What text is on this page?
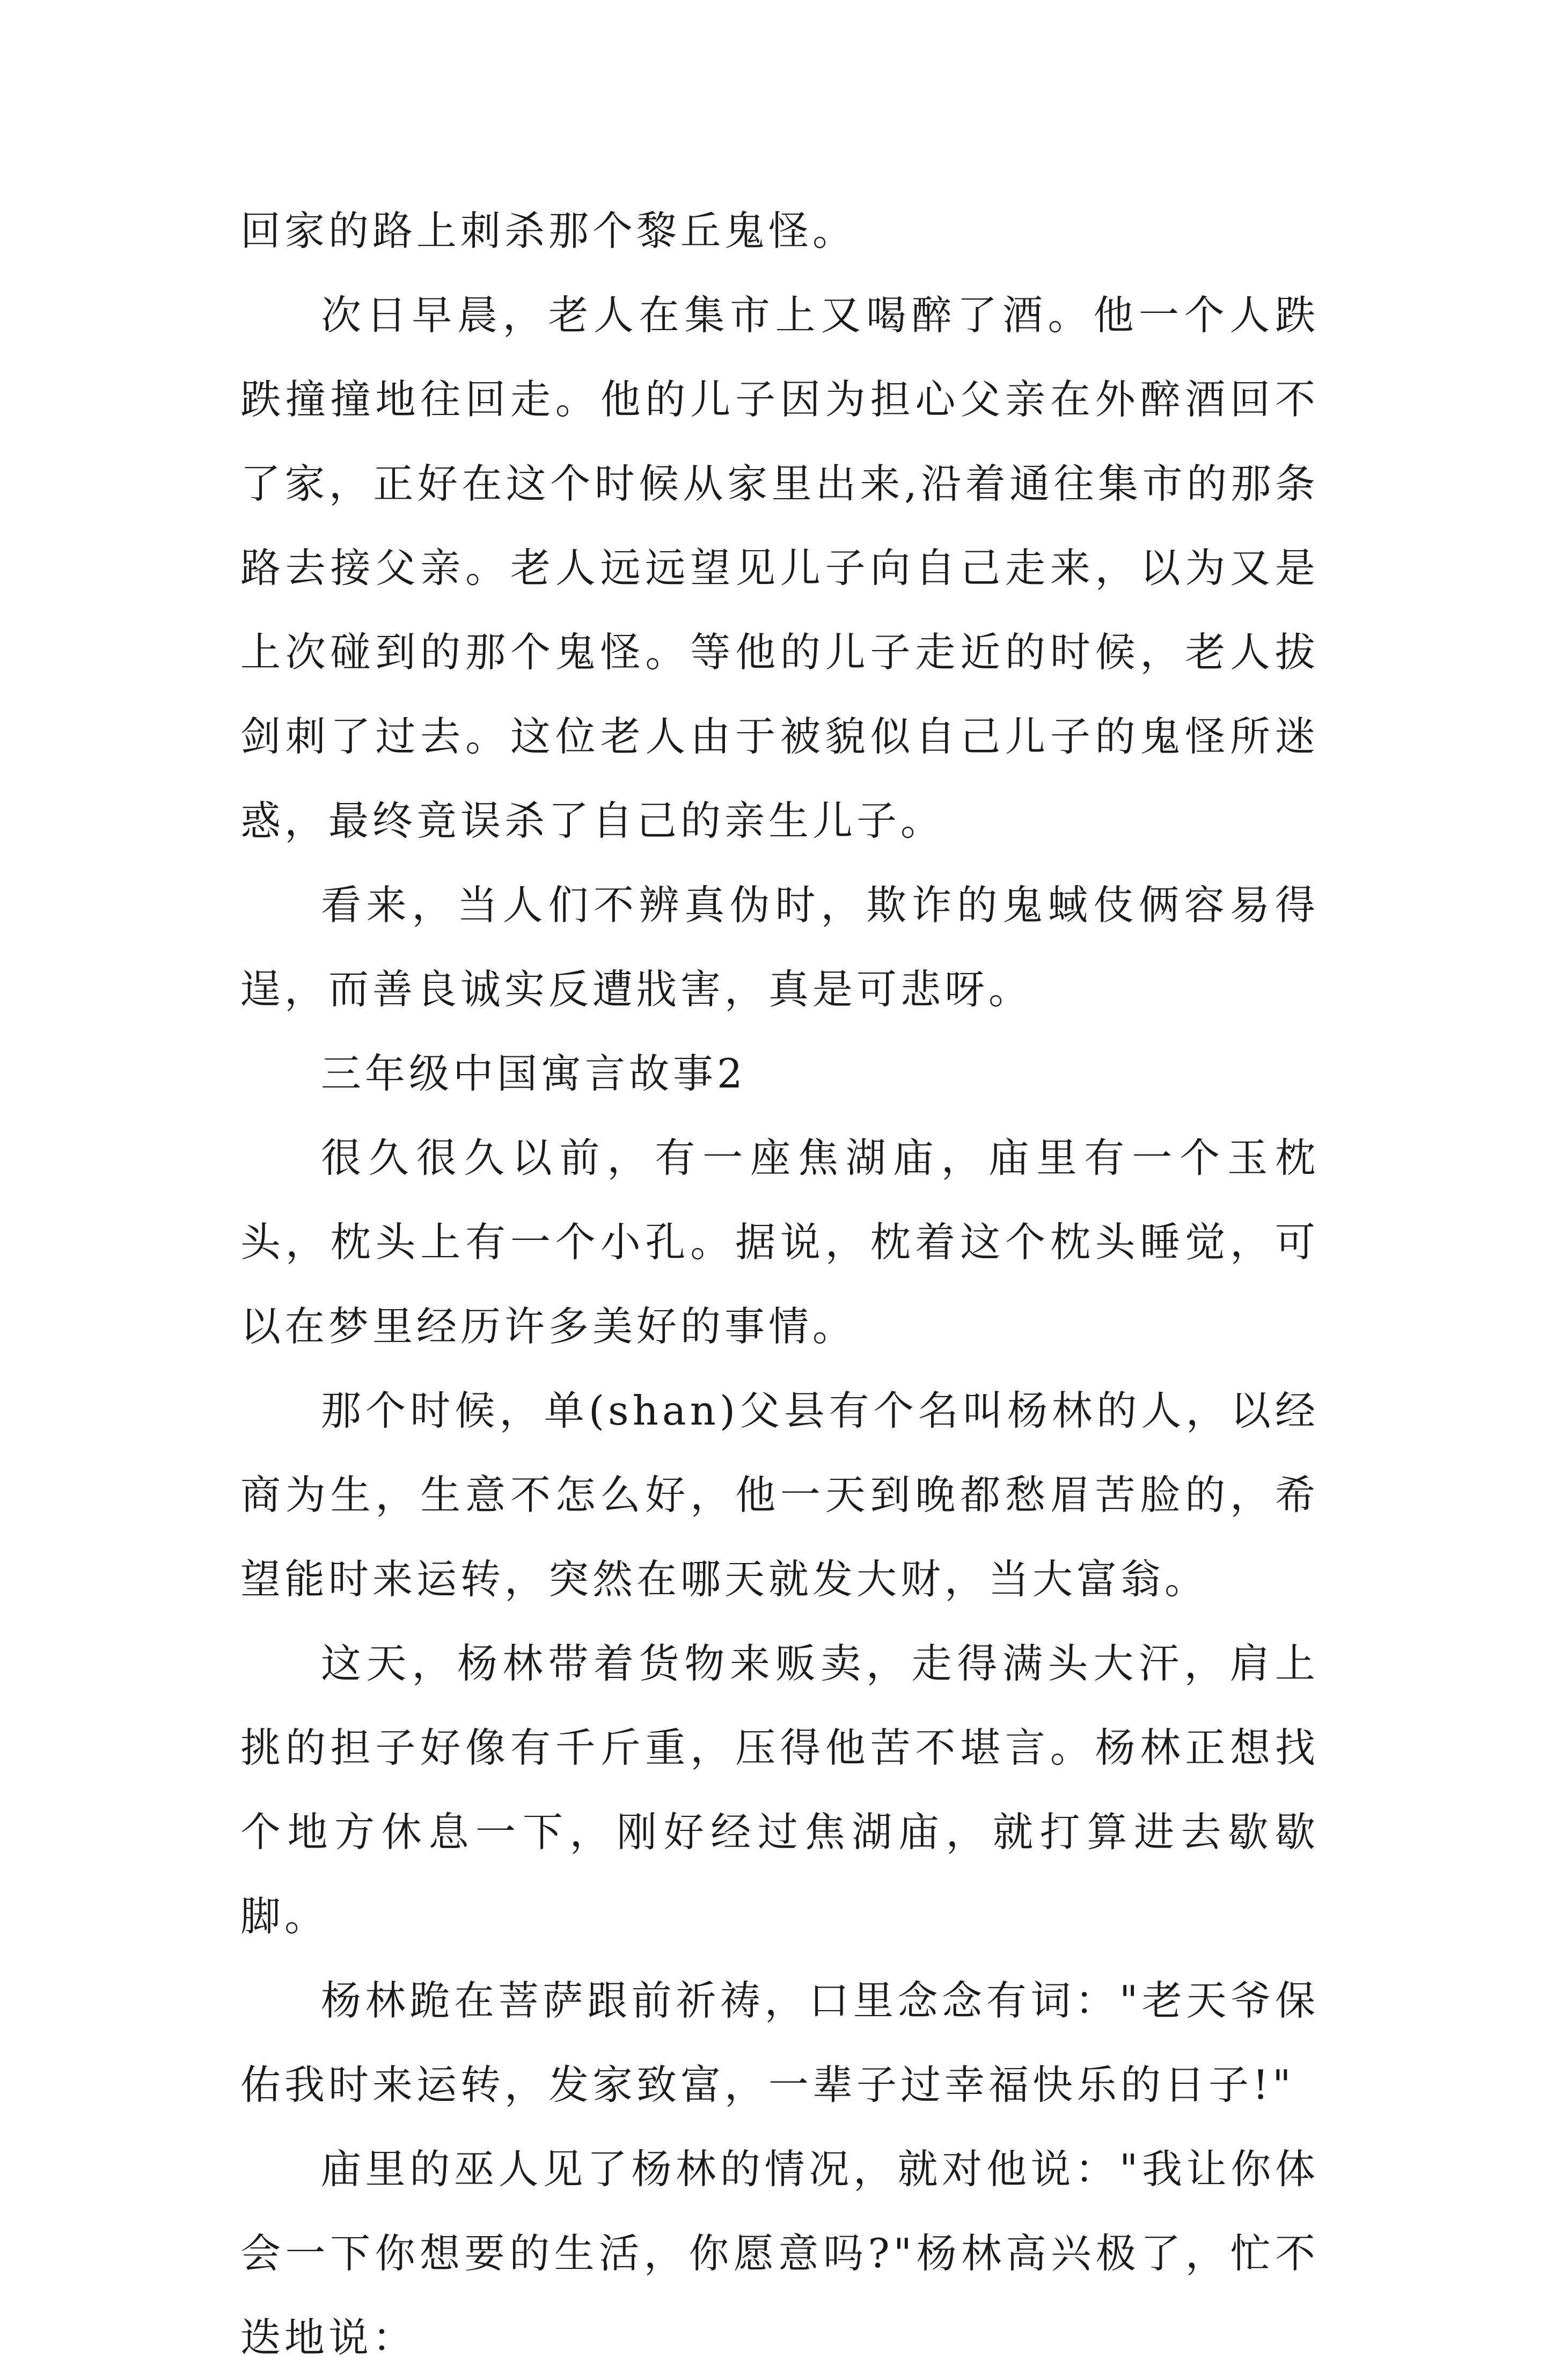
回家的路上刺杀那个黎丘鬼怪。

次日早晨，老人在集市上又喝醉了酒。他一个人跌跌撞撞地往回走。他的儿子因为担心父亲在外醉酒回不了家，正好在这个时候从家里出来,沿着通往集市的那条路去接父亲。老人远远望见儿子向自己走来，以为又是上次碰到的那个鬼怪。等他的儿子走近的时候，老人拔剑刺了过去。这位老人由于被貌似自己儿子的鬼怪所迷惑，最终竟误杀了自己的亲生儿子。

看来，当人们不辨真伪时，欺诈的鬼蜮伎俩容易得逞，而善良诚实反遭戕害，真是可悲呀。

三年级中国寓言故事2

很久很久以前，有一座焦湖庙，庙里有一个玉枕头，枕头上有一个小孔。据说，枕着这个枕头睡觉，可以在梦里经历许多美好的事情。

那个时候，单(shan)父县有个名叫杨林的人，以经商为生，生意不怎么好，他一天到晚都愁眉苦脸的，希望能时来运转，突然在哪天就发大财，当大富翁。

这天，杨林带着货物来贩卖，走得满头大汗，肩上挑的担子好像有千斤重，压得他苦不堪言。杨林正想找个地方休息一下，刚好经过焦湖庙，就打算进去歇歇脚。

杨林跪在菩萨跟前祈祷，口里念念有词："老天爷保佑我时来运转，发家致富，一辈子过幸福快乐的日子!"

庙里的巫人见了杨林的情况，就对他说："我让你体会一下你想要的生活，你愿意吗?"杨林高兴极了，忙不迭地说：
